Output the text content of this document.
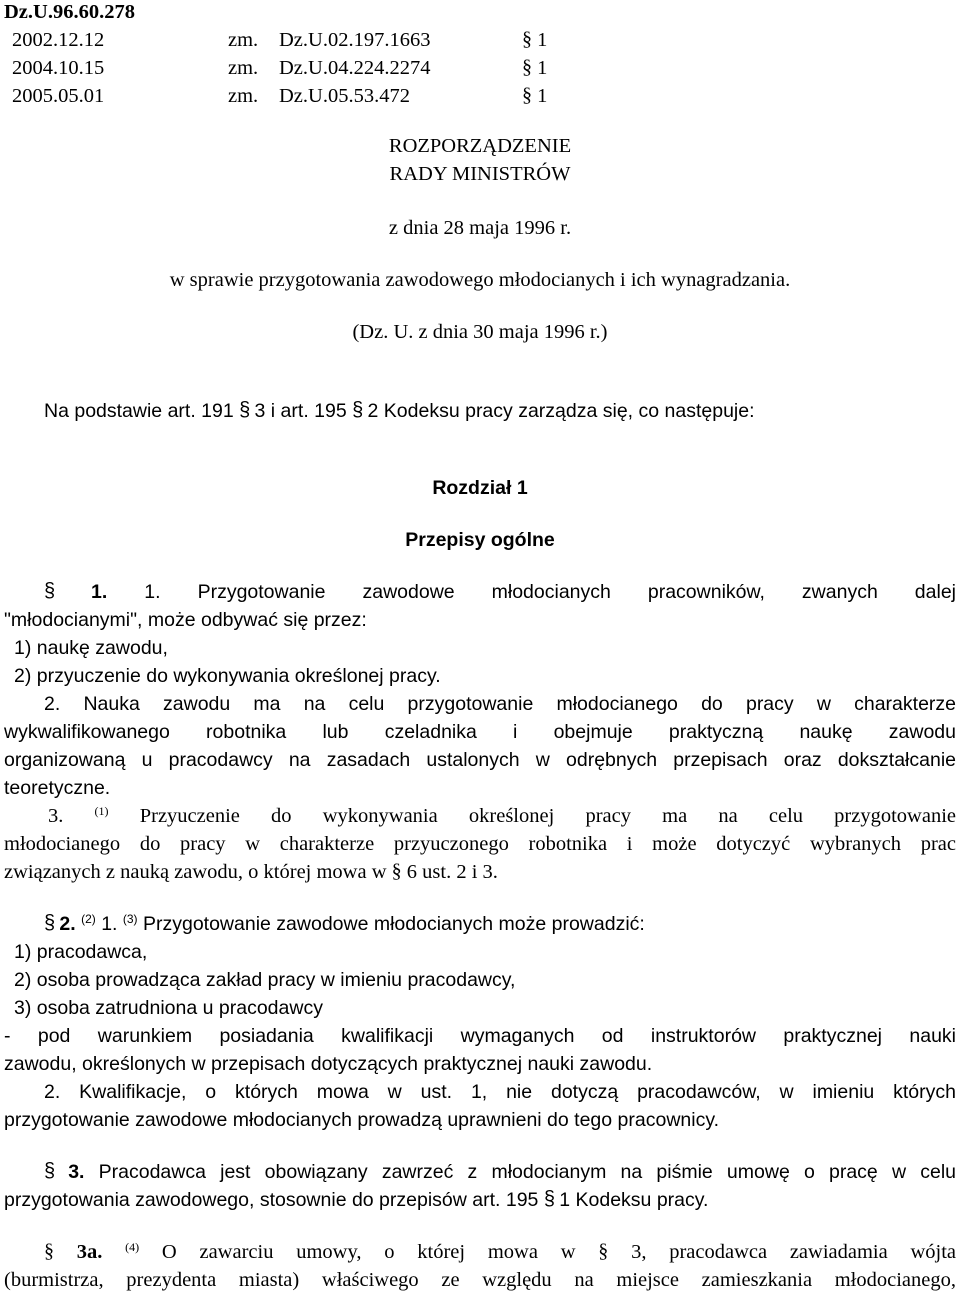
Dz.U.96.60.278
2002.12.12	zm. Dz.U.02.197.1663 §	1
2004.10.15	zm. Dz.U.04.224.2274 §	1
2005.05.01	zm. Dz.U.05.53.472 §	1
ROZPORZĄDZENIE
RADY MINISTRÓW
z dnia 28 maja 1996 r.
w sprawie przygotowania zawodowego młodocianych i ich wynagradzania.
(Dz. U. z dnia 30 maja 1996 r.)
Na podstawie art. 191 § 3 i art. 195 § 2 Kodeksu pracy zarządza się, co następuje:
Rozdział 1
Przepisy ogólne
§ 1. 1. Przygotowanie zawodowe młodocianych pracowników, zwanych dalej
"młodocianymi", może odbywać się przez:
1) naukę zawodu,
2) przyuczenie do wykonywania określonej pracy.
2. Nauka zawodu ma na celu przygotowanie młodocianego do pracy w charakterze
wykwalifikowanego robotnika lub czeladnika i obejmuje praktyczną naukę zawodu
organizowaną u pracodawcy na zasadach ustalonych w odrębnych przepisach oraz dokształcanie
teoretyczne.
3.	$^{(1)}$ Przyuczenie do wykonywania określonej pracy ma na celu przygotowanie
młodocianego do pracy w charakterze przyuczonego robotnika i może dotyczyć wybranych prac
związanych z nauką zawodu, o której mowa w § 6 ust. 2 i 3.
§ 2. $^{(2)}$ 1. $^{(3)}$ Przygotowanie zawodowe młodocianych może prowadzić:
1) pracodawca,
2) osoba prowadząca zakład pracy w imieniu pracodawcy,
3) osoba zatrudniona u pracodawcy
- pod warunkiem posiadania kwalifikacji wymaganych od instruktorów praktycznej nauki
zawodu, określonych w przepisach dotyczących praktycznej nauki zawodu.
2. Kwalifikacje, o których mowa w ust. 1, nie dotyczą pracodawców, w imieniu których
przygotowanie zawodowe młodocianych prowadzą uprawnieni do tego pracownicy.
§ 3. Pracodawca jest obowiązany zawrzeć z młodocianym na piśmie umowę o pracę w celu
przygotowania zawodowego, stosownie do przepisów art. 195 § 1 Kodeksu pracy.
§ 3a. $^{(4)}$ O zawarciu umowy, o której mowa w §	3, pracodawca zawiadamia wójta
(burmistrza, prezydenta miasta) właściwego ze względu na miejsce zamieszkania młodocianego,
